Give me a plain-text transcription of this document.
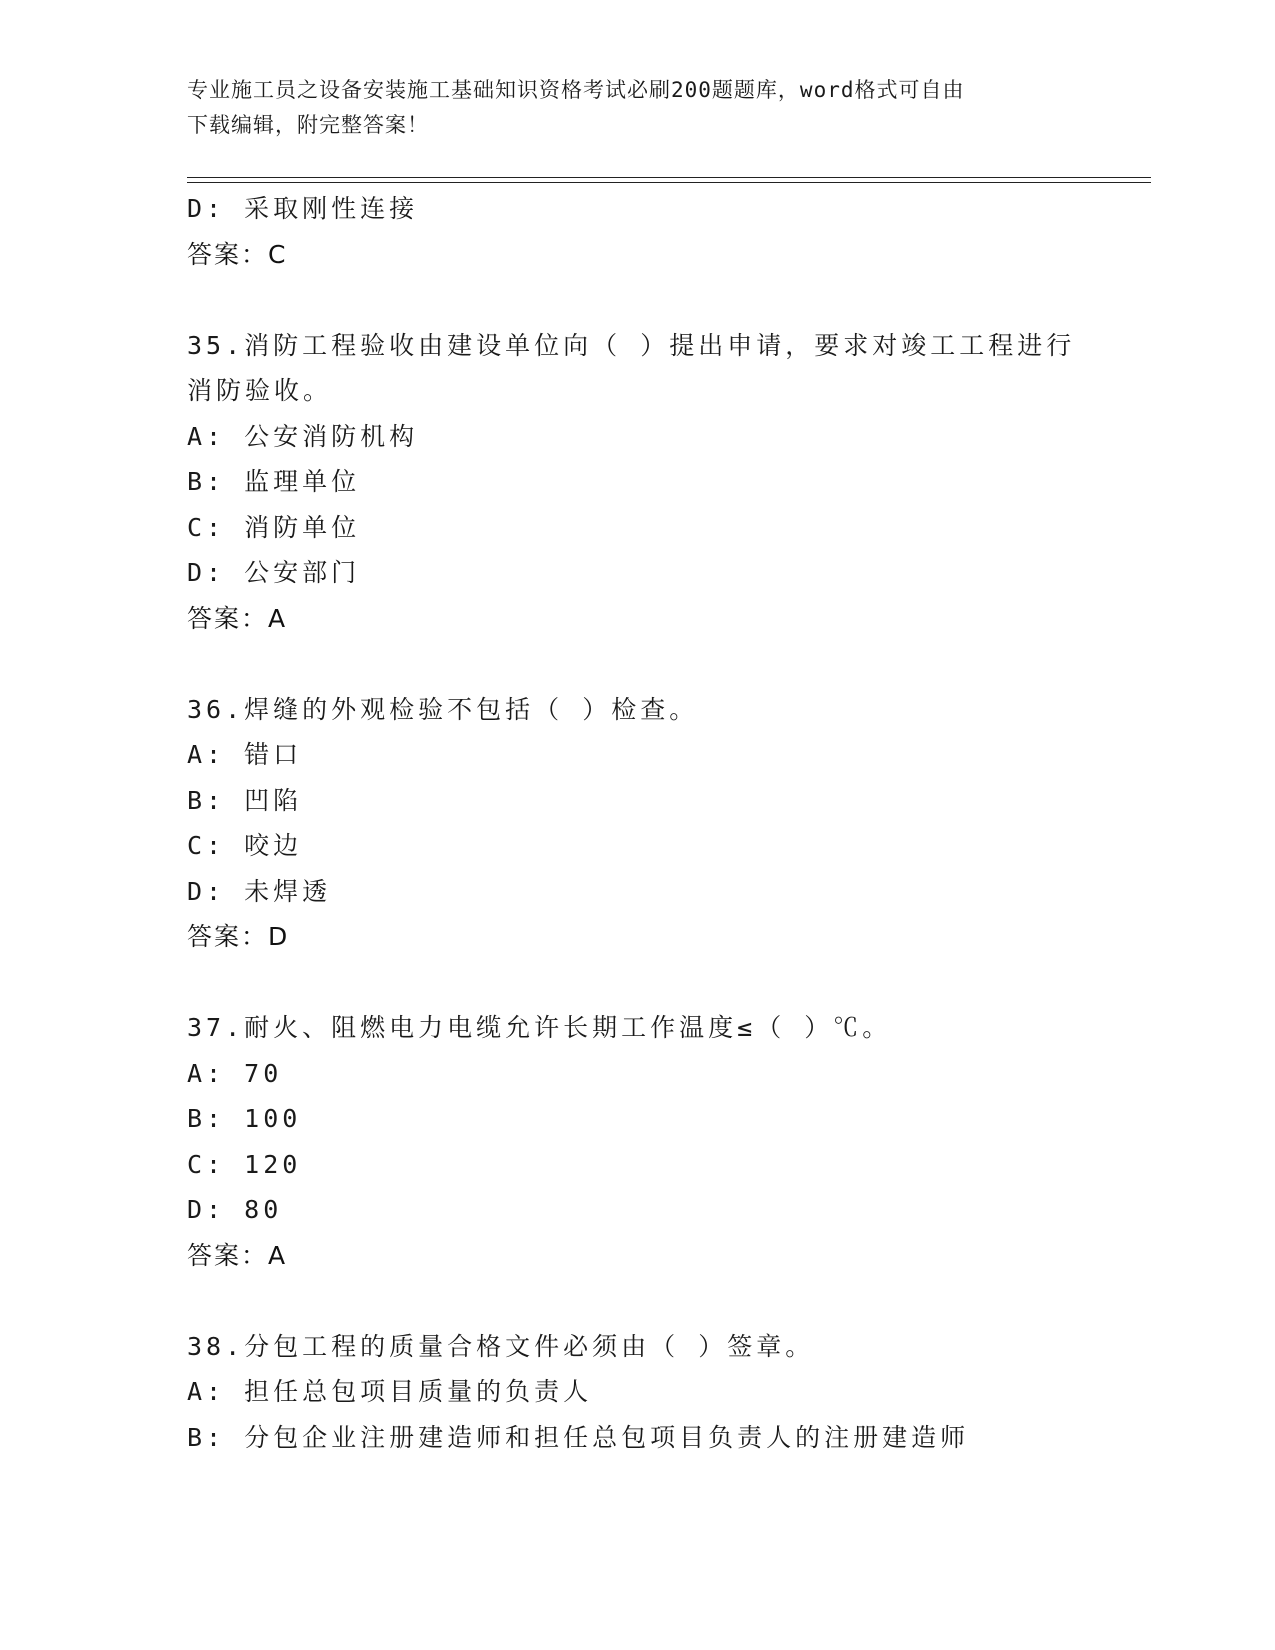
专业施工员之设备安装施工基础知识资格考试必刷200题题库，word格式可自由
下载编辑，附完整答案！
D: 采取刚性连接
答案：C
35.消防工程验收由建设单位向（ ）提出申请，要求对竣工工程进行
消防验收。
A: 公安消防机构
B: 监理单位
C: 消防单位
D: 公安部门
答案：A
36.焊缝的外观检验不包括（ ）检查。
A: 错口
B: 凹陷
C: 咬边
D: 未焊透
答案：D
37.耐火、阻燃电力电缆允许长期工作温度≤（ ）℃。
A: 70
B: 100
C: 120
D: 80
答案：A
38.分包工程的质量合格文件必须由（ ）签章。
A: 担任总包项目质量的负责人
B: 分包企业注册建造师和担任总包项目负责人的注册建造师
